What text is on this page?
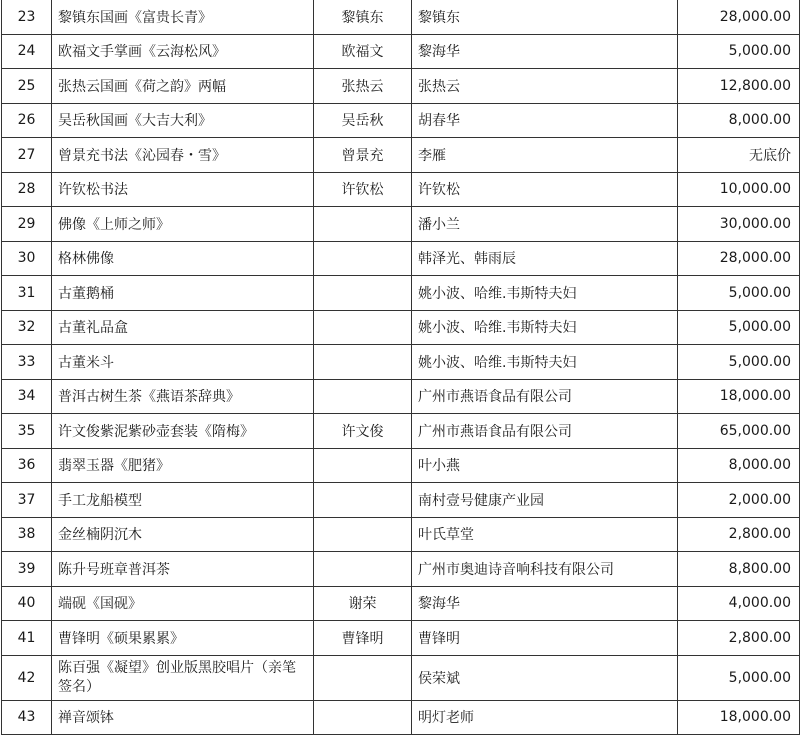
23	黎镇东国画《富贵长青》	黎镇东	黎镇东	28,000.00
24	欧福文手掌画《云海松风》	欧福文	黎海华	5,000.00
25	张热云国画《荷之韵》两幅	张热云	张热云	12,800.00
26	吴岳秋国画《大吉大利》	吴岳秋	胡春华	8,000.00
27	曾景充书法《沁园春・雪》	曾景充	李雁	无底价
28	许钦松书法	许钦松	许钦松	10,000.00
29	佛像《上师之师》		潘小兰	30,000.00
30	格林佛像		韩泽光、韩雨辰	28,000.00
31	古董鹅桶		姚小波、哈维.韦斯特夫妇	5,000.00
32	古董礼品盒		姚小波、哈维.韦斯特夫妇	5,000.00
33	古董米斗		姚小波、哈维.韦斯特夫妇	5,000.00
34	普洱古树生茶《燕语茶辞典》		广州市燕语食品有限公司	18,000.00
35	许文俊紫泥紫砂壶套装《隋梅》	许文俊	广州市燕语食品有限公司	65,000.00
36	翡翠玉器《肥猪》		叶小燕	8,000.00
37	手工龙船模型		南村壹号健康产业园	2,000.00
38	金丝楠阴沉木		叶氏草堂	2,800.00
39	陈升号班章普洱茶		广州市奥迪诗音响科技有限公司	8,800.00
40	端砚《国砚》	谢荣	黎海华	4,000.00
41	曹锋明《硕果累累》	曹锋明	曹锋明	2,800.00
42	陈百强《凝望》创业版黑胶唱片（亲笔签名）		侯荣斌	5,000.00
43	禅音颂钵		明灯老师	18,000.00
